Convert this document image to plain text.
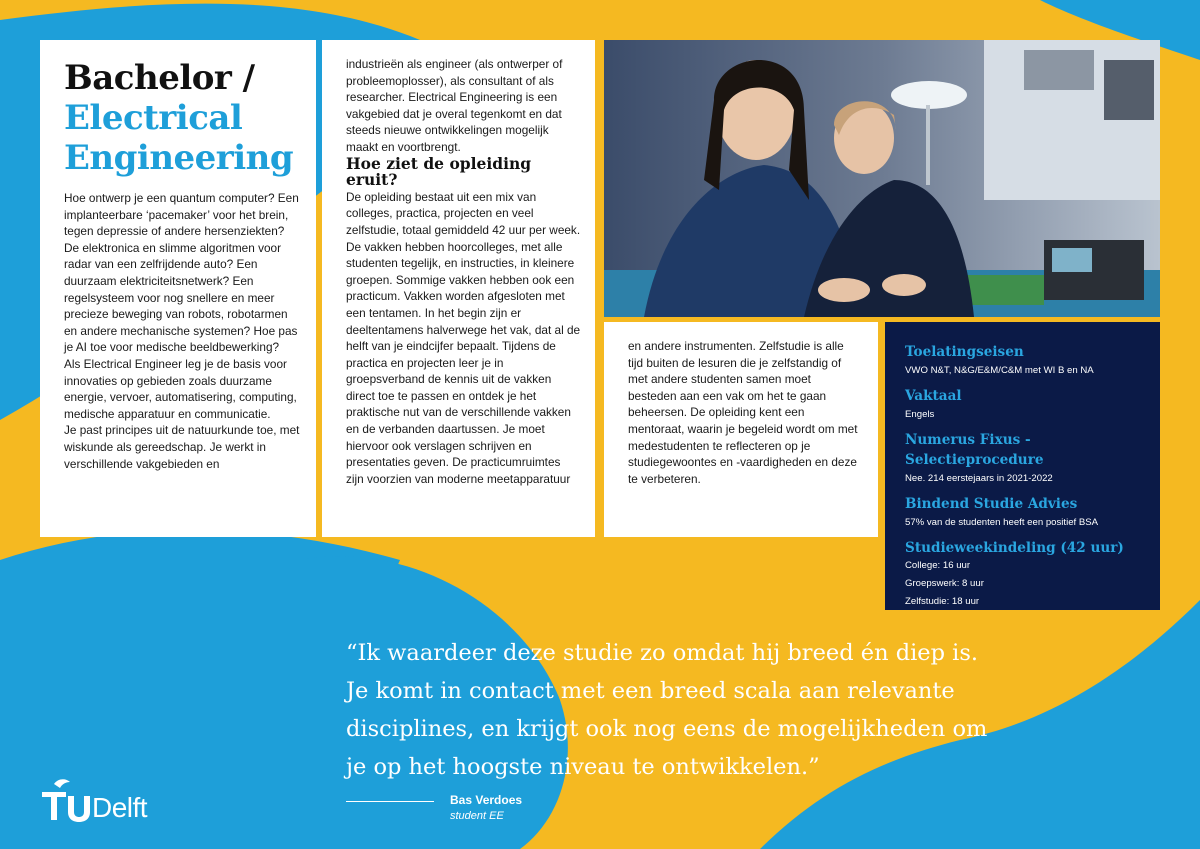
Bachelor /

Electrical

Engineering

Hoe ontwerp je een quantum computer? Een implanteerbare ‘pacemaker’ voor het brein, tegen depressie of andere hersenziekten? De elektronica en slimme algoritmen voor radar van een zelfrijdende auto? Een duurzaam elektriciteitsnetwerk? Een regelsysteem voor nog snellere en meer precieze beweging van robots, robotarmen en andere mechanische systemen? Hoe pas je AI toe voor medische beeldbewerking?

Als Electrical Engineer leg je de basis voor innovaties op gebieden zoals duurzame energie, vervoer, automatisering, computing, medische apparatuur en communicatie.

Je past principes uit de natuurkunde toe, met wiskunde als gereedschap. Je werkt in verschillende vakgebieden en

industrieën als engineer (als ontwerper of probleemoplosser), als consultant of als researcher. Electrical Engineering is een vakgebied dat je overal tegenkomt en dat steeds nieuwe ontwikkelingen mogelijk maakt en voortbrengt.

Hoe ziet de opleiding eruit?

De opleiding bestaat uit een mix van colleges, practica, projecten en veel zelfstudie, totaal gemiddeld 42 uur per week. De vakken hebben hoorcolleges, met alle studenten tegelijk, en instructies, in kleinere groepen. Sommige vakken hebben ook een practicum. Vakken worden afgesloten met een tentamen. In het begin zijn er deeltentamens halverwege het vak, dat al de helft van je eindcijfer bepaalt. Tijdens de practica en projecten leer je in groepsverband de kennis uit de vakken direct toe te passen en ontdek je het praktische nut van de verschillende vakken en de verbanden daartussen. Je moet hiervoor ook verslagen schrijven en presentaties geven. De practicumruimtes zijn voorzien van moderne meetapparatuur

en andere instrumenten. Zelfstudie is alle tijd buiten de lesuren die je zelfstandig of met andere studenten samen moet besteden aan een vak om het te gaan beheersen. De opleiding kent een mentoraat, waarin je begeleid wordt om met medestudenten te reflecteren op je studiegewoontes en -vaardigheden en deze te verbeteren.

Toelatingseisen

VWO N&T, N&G/E&M/C&M met WI B en NA

Vaktaal

Engels

Numerus Fixus - Selectieprocedure

Nee. 214 eerstejaars in 2021-2022

Bindend Studie Advies

57% van de studenten heeft een positief BSA

Studieweekindeling (42 uur)

College: 16 uur

Groepswerk: 8 uur

Zelfstudie: 18 uur

“Ik waardeer deze studie zo omdat hij breed én diep is.

Je komt in contact met een breed scala aan relevante

disciplines, en krijgt ook nog eens de mogelijkheden om

je op het hoogste niveau te ontwikkelen.”

Bas Verdoes
student EE
Delft
